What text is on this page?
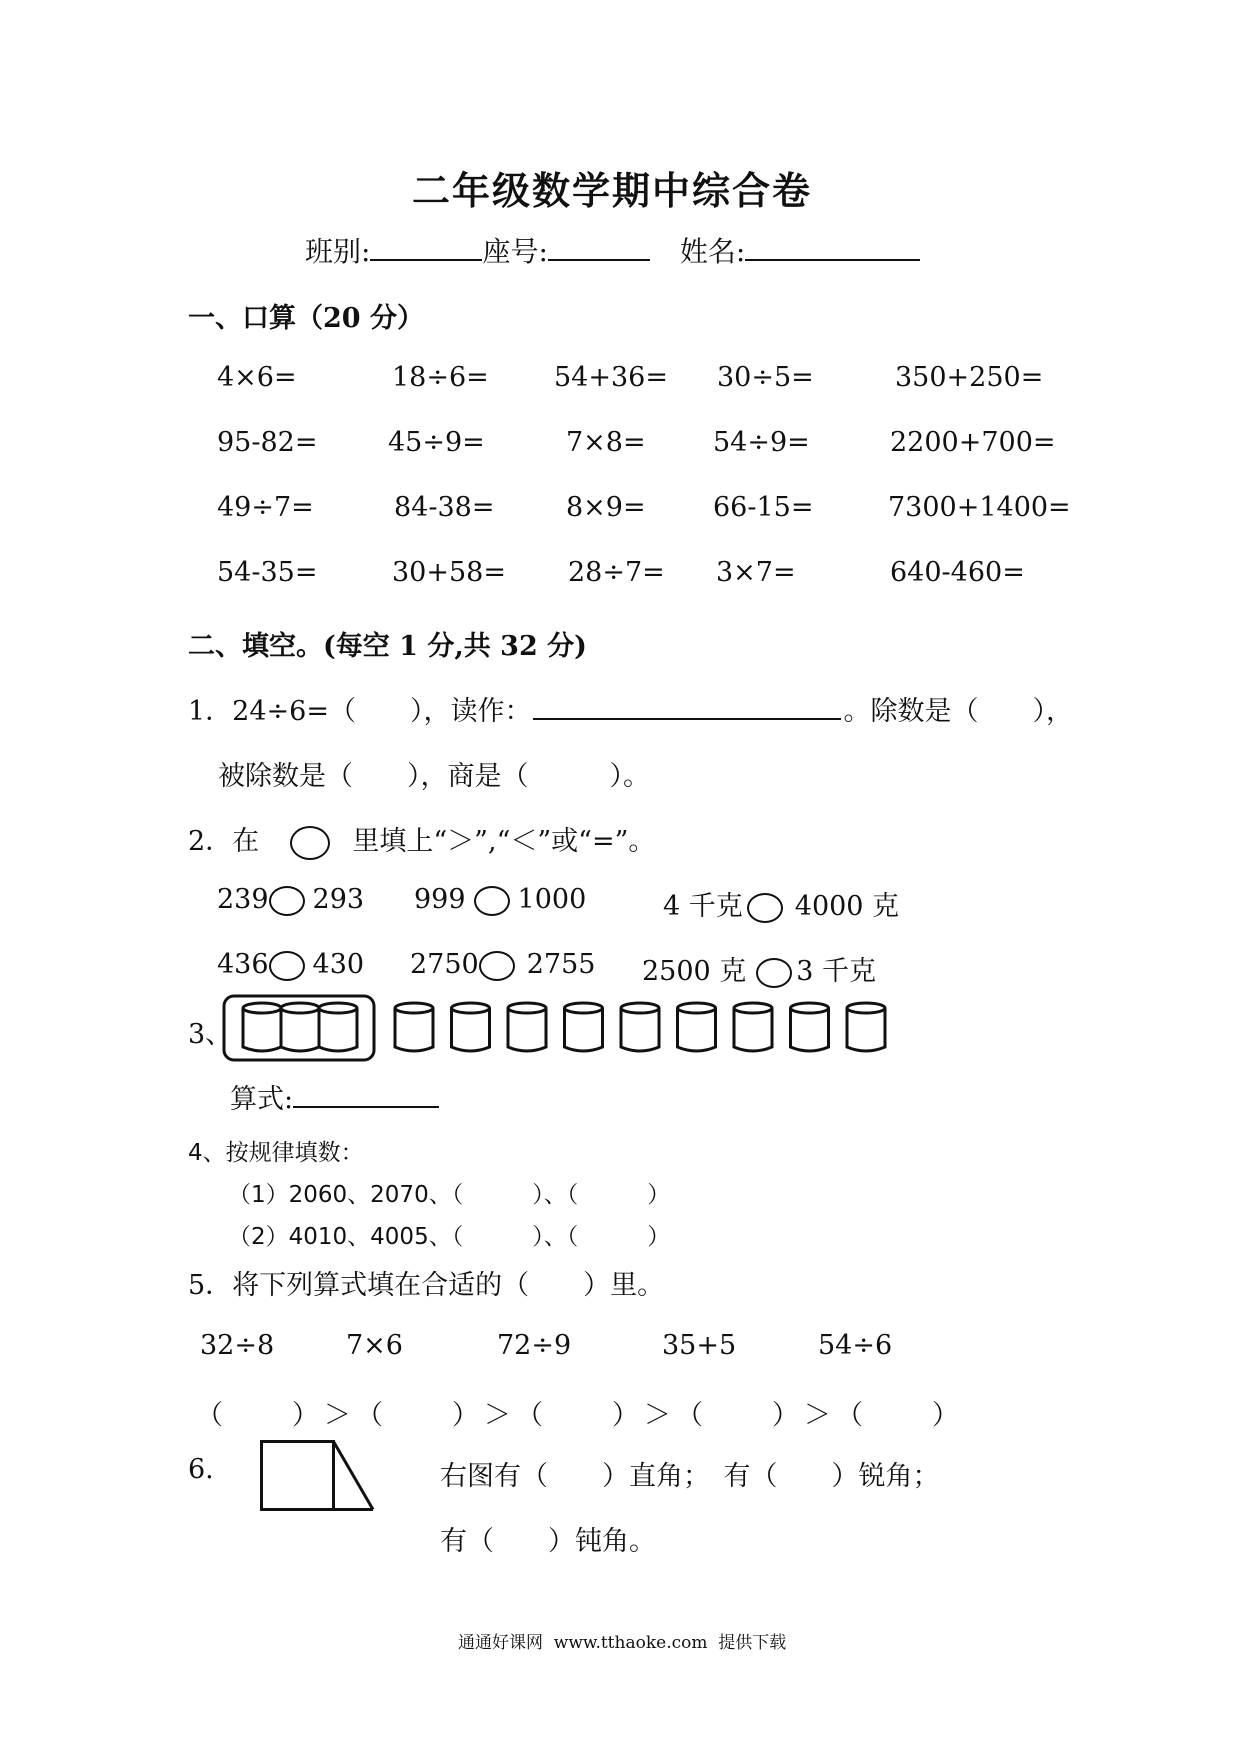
二年级数学期中综合卷
班别:	座号:	姓名:
一、口算（20 分）
4×6=	18÷6= 54+36= 30÷5=	350+250=
95-82=	45÷9=	7×8= 54÷9=	2200+700=
49÷7=	84-38=	8×9= 66-15=	7300+1400=
54-35=	30+58= 28÷7= 3×7=	640-460=
二、填空。(每空 1 分,共 32 分)
1．24÷6=（　　），读作：	。除数是（　　），
被除数是（　　），商是（　　　）。
2．在	里填上“＞”,“＜”或“=”。
239 293 999 1000	4 千克 4000 克
436 430 2750 2755 2500 克 3 千克
3、
算式:
4、按规律填数：
（1）2060、2070、（　　　）、（　　　）
（2）4010、4005、（　　　）、（　　　）
5．将下列算式填在合适的（　　）里。
32÷8	7×6	72÷9	35+5	54÷6
（　　）＞（　　）＞（　　）＞（　　）＞（　　）
6.	右图有（　　）直角；　有（　　）锐角；
有（　　）钝角。
通通好课网  www.tthaoke.com  提供下载
